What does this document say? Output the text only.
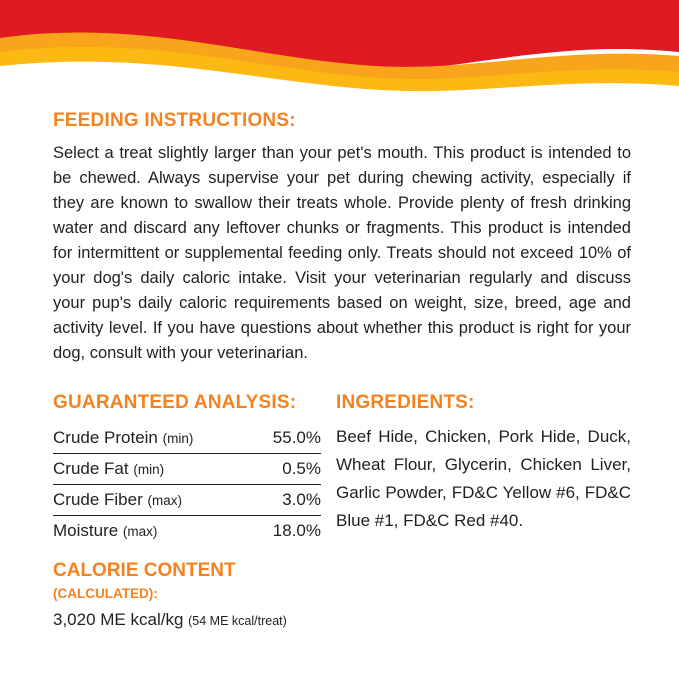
FEEDING INSTRUCTIONS:

Select a treat slightly larger than your pet's mouth. This product is intended to be chewed. Always supervise your pet during chewing activity, especially if they are known to swallow their treats whole. Provide plenty of fresh drinking water and discard any leftover chunks or fragments. This product is intended for intermittent or supplemental feeding only. Treats should not exceed 10% of your dog's daily caloric intake. Visit your veterinarian regularly and discuss your pup's daily caloric requirements based on weight, size, breed, age and activity level. If you have questions about whether this product is right for your dog, consult with your veterinarian.

GUARANTEED ANALYSIS:
Crude Protein (min)	55.0%
Crude Fat (min)	0.5%
Crude Fiber (max)	3.0%
Moisture (max)	18.0%
CALORIE CONTENT (CALCULATED):
3,020 ME kcal/kg (54 ME kcal/treat)
INGREDIENTS:

Beef Hide, Chicken, Pork Hide, Duck, Wheat Flour, Glycerin, Chicken Liver, Garlic Powder, FD&C Yellow #6, FD&C Blue #1, FD&C Red #40.
